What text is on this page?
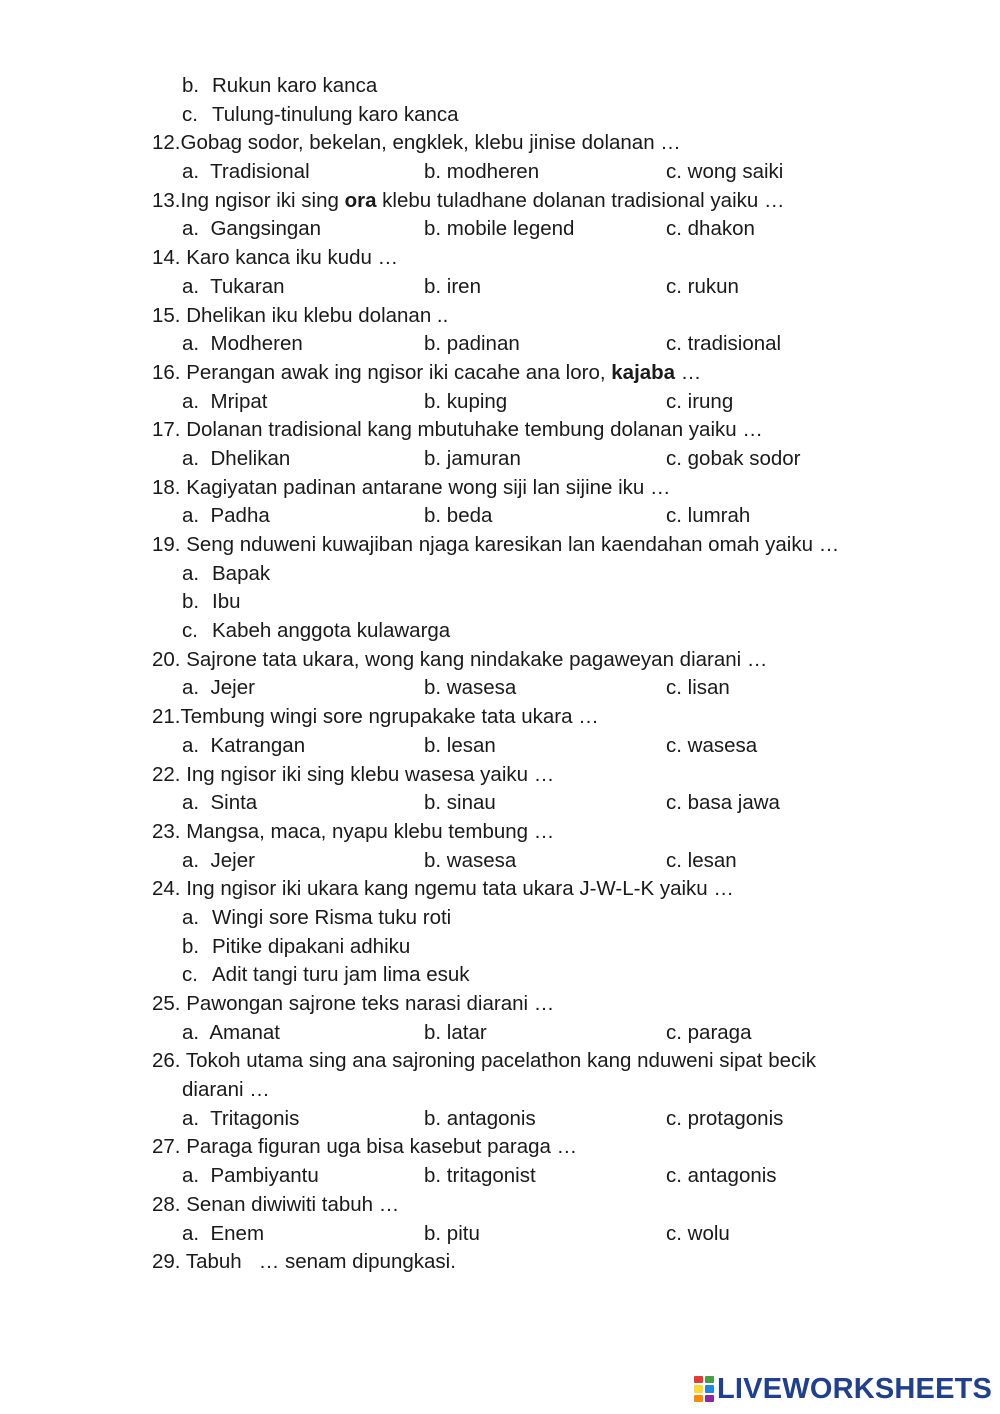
b. Rukun karo kanca
c. Tulung-tinulung karo kanca
12.Gobag sodor, bekelan, engklek, klebu jinise dolanan …
a.  Tradisional	b. modheren	c. wong saiki
13.Ing ngisor iki sing ora klebu tuladhane dolanan tradisional yaiku …
a.  Gangsingan	b. mobile legend	c. dhakon
14. Karo kanca iku kudu …
a.  Tukaran	b. iren	c. rukun
15. Dhelikan iku klebu dolanan ..
a.  Modheren	b. padinan	c. tradisional
16. Perangan awak ing ngisor iki cacahe ana loro, kajaba …
a.  Mripat	b. kuping	c. irung
17. Dolanan tradisional kang mbutuhake tembung dolanan yaiku …
a.  Dhelikan	b. jamuran	c. gobak sodor
18. Kagiyatan padinan antarane wong siji lan sijine iku …
a.  Padha	b. beda	c. lumrah
19. Seng nduweni kuwajiban njaga karesikan lan kaendahan omah yaiku …
a. Bapak
b. Ibu
c. Kabeh anggota kulawarga
20. Sajrone tata ukara, wong kang nindakake pagaweyan diarani …
a.  Jejer	b. wasesa	c. lisan
21.Tembung wingi sore ngrupakake tata ukara …
a.  Katrangan	b. lesan	c. wasesa
22. Ing ngisor iki sing klebu wasesa yaiku …
a.  Sinta	b. sinau	c. basa jawa
23. Mangsa, maca, nyapu klebu tembung …
a.  Jejer	b. wasesa	c. lesan
24. Ing ngisor iki ukara kang ngemu tata ukara J-W-L-K yaiku …
a. Wingi sore Risma tuku roti
b. Pitike dipakani adhiku
c. Adit tangi turu jam lima esuk
25. Pawongan sajrone teks narasi diarani …
a.  Amanat	b. latar	c. paraga
26. Tokoh utama sing ana sajroning pacelathon kang nduweni sipat becik
diarani …
a.  Tritagonis	b. antagonis	c. protagonis
27. Paraga figuran uga bisa kasebut paraga …
a.  Pambiyantu	b. tritagonist	c. antagonis
28. Senan diwiwiti tabuh …
a.  Enem	b. pitu	c. wolu
29. Tabuh   … senam dipungkasi.
LIVEWORKSHEETS
